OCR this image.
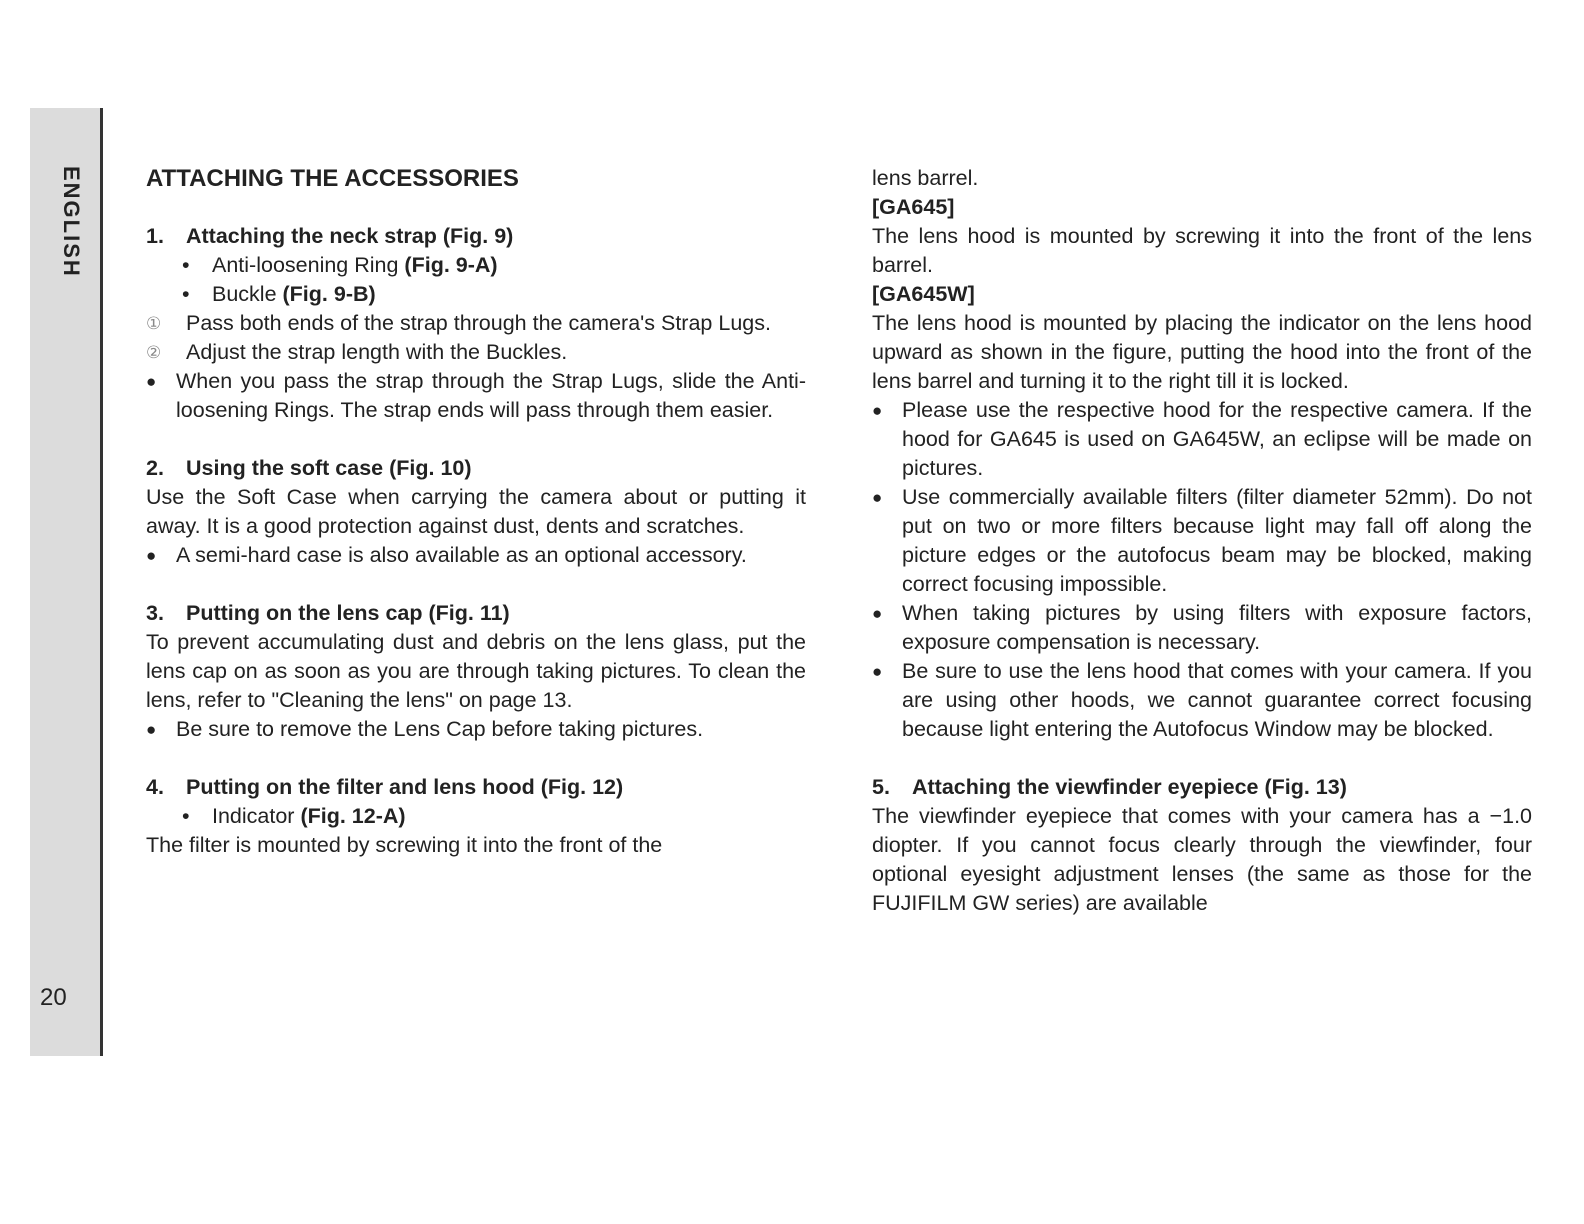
ENGLISH
20
ATTACHING THE ACCESSORIES
1.	Attaching the neck strap (Fig. 9)
•	Anti-loosening Ring (Fig. 9-A)
•	Buckle (Fig. 9-B)
①	Pass both ends of the strap through the camera's Strap Lugs.
②	Adjust the strap length with the Buckles.
● When you pass the strap through the Strap Lugs, slide the Anti-loosening Rings. The strap ends will pass through them easier.
2.	Using the soft case (Fig. 10)

Use the Soft Case when carrying the camera about or putting it away. It is a good protection against dust, dents and scratches.

● A semi-hard case is also available as an optional accessory.
3.	Putting on the lens cap (Fig. 11)

To prevent accumulating dust and debris on the lens glass, put the lens cap on as soon as you are through taking pictures. To clean the lens, refer to "Cleaning the lens" on page 13.

● Be sure to remove the Lens Cap before taking pictures.
4.	Putting on the filter and lens hood (Fig. 12)
•	Indicator (Fig. 12-A)

The filter is mounted by screwing it into the front of the

lens barrel.

[GA645]

The lens hood is mounted by screwing it into the front of the lens barrel.

[GA645W]

The lens hood is mounted by placing the indicator on the lens hood upward as shown in the figure, putting the hood into the front of the lens barrel and turning it to the right till it is locked.

● Please use the respective hood for the respective camera. If the hood for GA645 is used on GA645W, an eclipse will be made on pictures.
● Use commercially available filters (filter diameter 52mm). Do not put on two or more filters because light may fall off along the picture edges or the autofocus beam may be blocked, making correct focusing impossible.
● When taking pictures by using filters with exposure factors, exposure compensation is necessary.
● Be sure to use the lens hood that comes with your camera. If you are using other hoods, we cannot guarantee correct focusing because light entering the Autofocus Window may be blocked.
5.	Attaching the viewfinder eyepiece (Fig. 13)

The viewfinder eyepiece that comes with your camera has a −1.0 diopter. If you cannot focus clearly through the viewfinder, four optional eyesight adjustment lenses (the same as those for the FUJIFILM GW series) are available
